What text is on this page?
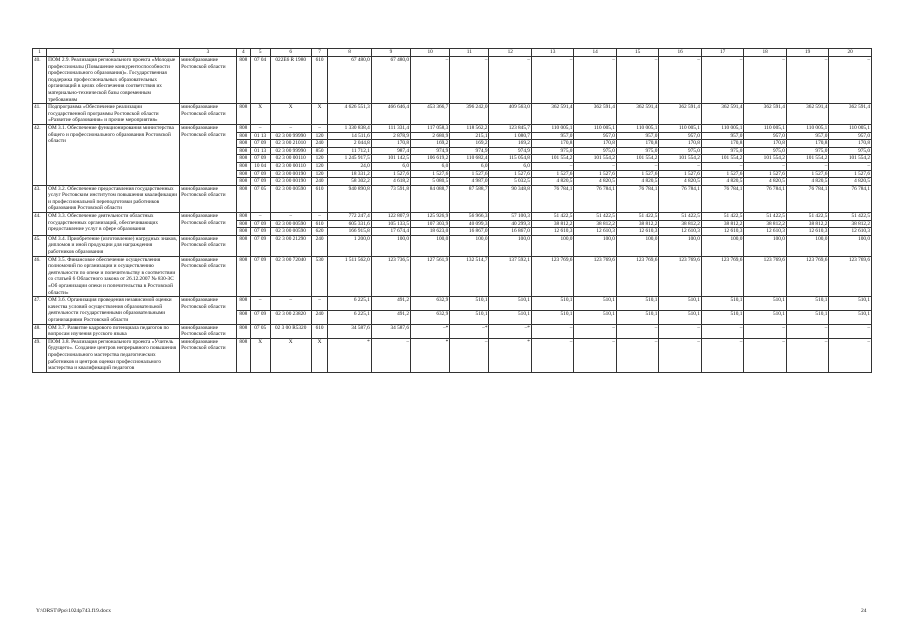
1	2	3	4	5	6	7	8	9	10	11	12	13	14	15	16	17	18	19	20
40.	ПОМ 2.9. Реализация регионального проекта «Молодые профессионалы (Повышение конкурентоспособности профессионального образования)». Государственная поддержка профессиональных образовательных организаций в целях обеспечения соответствия их материально-технической базы современным требованиям	минобразование Ростовской области	808	07 04	022E6 R 1980	610	67 480,0	67 480,0	–	–	–	–	–	–	–	–	–	–	–
41.	Подпрограмма «Обеспечение реализации государственной программы Ростовской области «Развитие образования» и прочие мероприятия»	минобразование Ростовской области	808	Х	Х	Х	4 626 551,3	466 646,4	453 366,7	396 242,0	409 563,0	362 591,4	362 591,4	362 591,4	362 591,4	362 591,4	362 591,4	362 591,4	362 591,4
42.	ОМ 3.1. Обеспечение функционирования министерства общего и профессионального образования Ростовской области	минобразование Ростовской области	808	–	–	–	1 330 838,4	111 331,4	117 058,3	118 562,2	123 845,7	110 005,1	110 005,1	110 005,1	110 005,1	110 005,1	110 005,1	110 005,1	110 005,1
			808	01 13	02 3 00 99990	120	14 511,6	2 878,9	2 680,9	215,1	1 080,7	957,0	957,0	957,0	957,0	957,0	957,0	957,0	957,0
			808	07 09	02 3 00 21010	240	2 044,8	170,8	169,2	169,2	169,2	170,8	170,8	170,8	170,8	170,8	170,8	170,8	170,8
			808	01 13	02 3 00 99990	850	11 712,1	987,4	974,9	974,9	974,9	975,0	975,0	975,0	975,0	975,0	975,0	975,0	975,0
			808	07 09	02 3 00 00110	120	1 245 917,5	101 142,5	106 619,2	110 682,4	115 054,8	101 554,2	101 554,2	101 554,2	101 554,2	101 554,2	101 554,2	101 554,2	101 554,2
			808	10 04	02 3 00 00110	120	24,0	6,0	6,0	6,0	6,0	–	–	–	–	–	–	–	–
			808	07 09	02 3 00 00190	120	18 331,2	1 527,6	1 527,6	1 527,6	1 527,6	1 527,6	1 527,6	1 527,6	1 527,6	1 527,6	1 527,6	1 527,6	1 527,6
			808	07 09	02 3 00 00190	240	58 302,2	4 618,2	5 080,5	4 987,0	5 032,5	4 820,5	4 820,5	4 820,5	4 820,5	4 820,5	4 820,5	4 820,5	4 820,5
43.	ОМ 3.2. Обеспечение предоставления государственных услуг Ростовским институтом повышения квалификации и профессиональной переподготовки работников образования Ростовской области	минобразование Ростовской области	808	07 05	02 3 00 00590	610	940 890,8	73 591,8	84 088,7	87 588,7	90 348,8	76 784,1	76 784,1	76 784,1	76 784,1	76 784,1	76 784,1	76 784,1	76 784,1
44.	ОМ 3.3. Обеспечение деятельности областных государственных организаций, обеспечивающих предоставление услуг в сфере образования	минобразование Ростовской области	808	–	–	–	772 247,4	122 807,9	125 926,9	56 966,3	57 100,3	51 422,5	51 422,5	51 422,5	51 422,5	51 422,5	51 422,5	51 422,5	51 422,5
			808	07 09	02 3 00 00590	610	605 331,6	105 133,5	107 303,9	40 099,3	40 299,3	38 812,2	38 812,2	38 812,2	38 812,2	38 812,2	38 812,2	38 812,2	38 812,2
			808	07 09	02 3 00 00590	620	166 915,8	17 674,4	18 623,0	16 867,0	16 867,0	12 610,3	12 610,3	12 610,3	12 610,3	12 610,3	12 610,3	12 610,3	12 610,3
45.	ОМ 3.4. Приобретение (изготовление) нагрудных знаков, дипломов и иной продукции для награждения работников образования	минобразование Ростовской области	808	07 09	02 3 00 21290	240	1 200,0	100,0	100,0	100,0	100,0	100,0	100,0	100,0	100,0	100,0	100,0	100,0	100,0
46.	ОМ 3.5. Финансовое обеспечение осуществления полномочий по организации и осуществлению деятельности по опеке и попечительству в соответствии со статьей 6 Областного закона от 26.12.2007 № 830-ЗС «Об организации опеки и попечительства в Ростовской области»	минобразование Ростовской области	808	07 09	02 3 00 72040	530	1 511 562,0	123 736,5	127 561,9	132 514,7	137 592,1	123 769,6	123 769,6	123 769,6	123 769,6	123 769,6	123 769,6	123 769,6	123 769,6
47.	ОМ 3.6. Организация проведения независимой оценки качества условий осуществления образовательной деятельности государственными образовательными организациями Ростовской области	минобразование Ростовской области	808	–	–	–	6 225,1	491,2	632,9	510,1	510,1	510,1	510,1	510,1	510,1	510,1	510,1	510,1	510,1
			808	07 09	02 3 00 23820	240	6 225,1	491,2	632,9	510,1	510,1	510,1	510,1	510,1	510,1	510,1	510,1	510,1	510,1
48.	ОМ 3.7. Развитие кадрового потенциала педагогов по вопросам изучения русского языка	минобразование Ростовской области	808	07 05	02 3 00 R5320	610	34 587,6	34 587,6	–*	–*	–*	–	–	–	–	–	–	–	–
49.	ПОМ 3.8. Реализация регионального проекта «Учитель будущего». Создание центров непрерывного повышения профессионального мастерства педагогических работников и центров оценки профессионального мастерства и квалификаций педагогов	минобразование Ростовской области	808	Х	Х	Х	*	–	*	–	*	–	–	–	–	–	–	–	–
Y:\ORST\Ppo\1024p743.f19.docx	24
